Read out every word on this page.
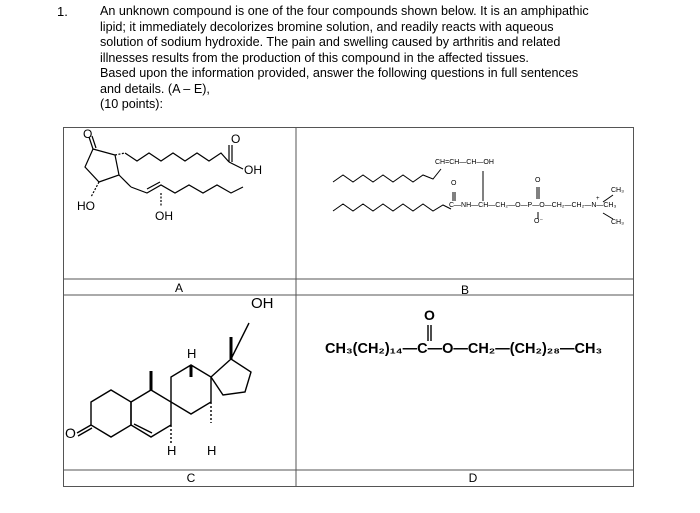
1.	An unknown compound is one of the four compounds shown below. It is an amphipathic
lipid; it immediately decolorizes bromine solution, and readily reacts with aqueous
solution of sodium hydroxide. The pain and swelling caused by arthritis and related
illnesses results from the production of this compound in the affected tissues.
Based upon the information provided, answer the following questions in full sentences
and details. (A – E),
(10 points):
O
OH
O
HO
OH
A
CH=CH—CH—OH
O	O
C—NH—CH—CH₂—O—P—O—CH₂—CH₂—N—CH₃
O⁻
CH₃
CH₃
+
B
OH
H
H H
O
C
O
CH₃(CH₂)₁₄—C—O—CH₂—(CH₂)₂₈—CH₃
D
